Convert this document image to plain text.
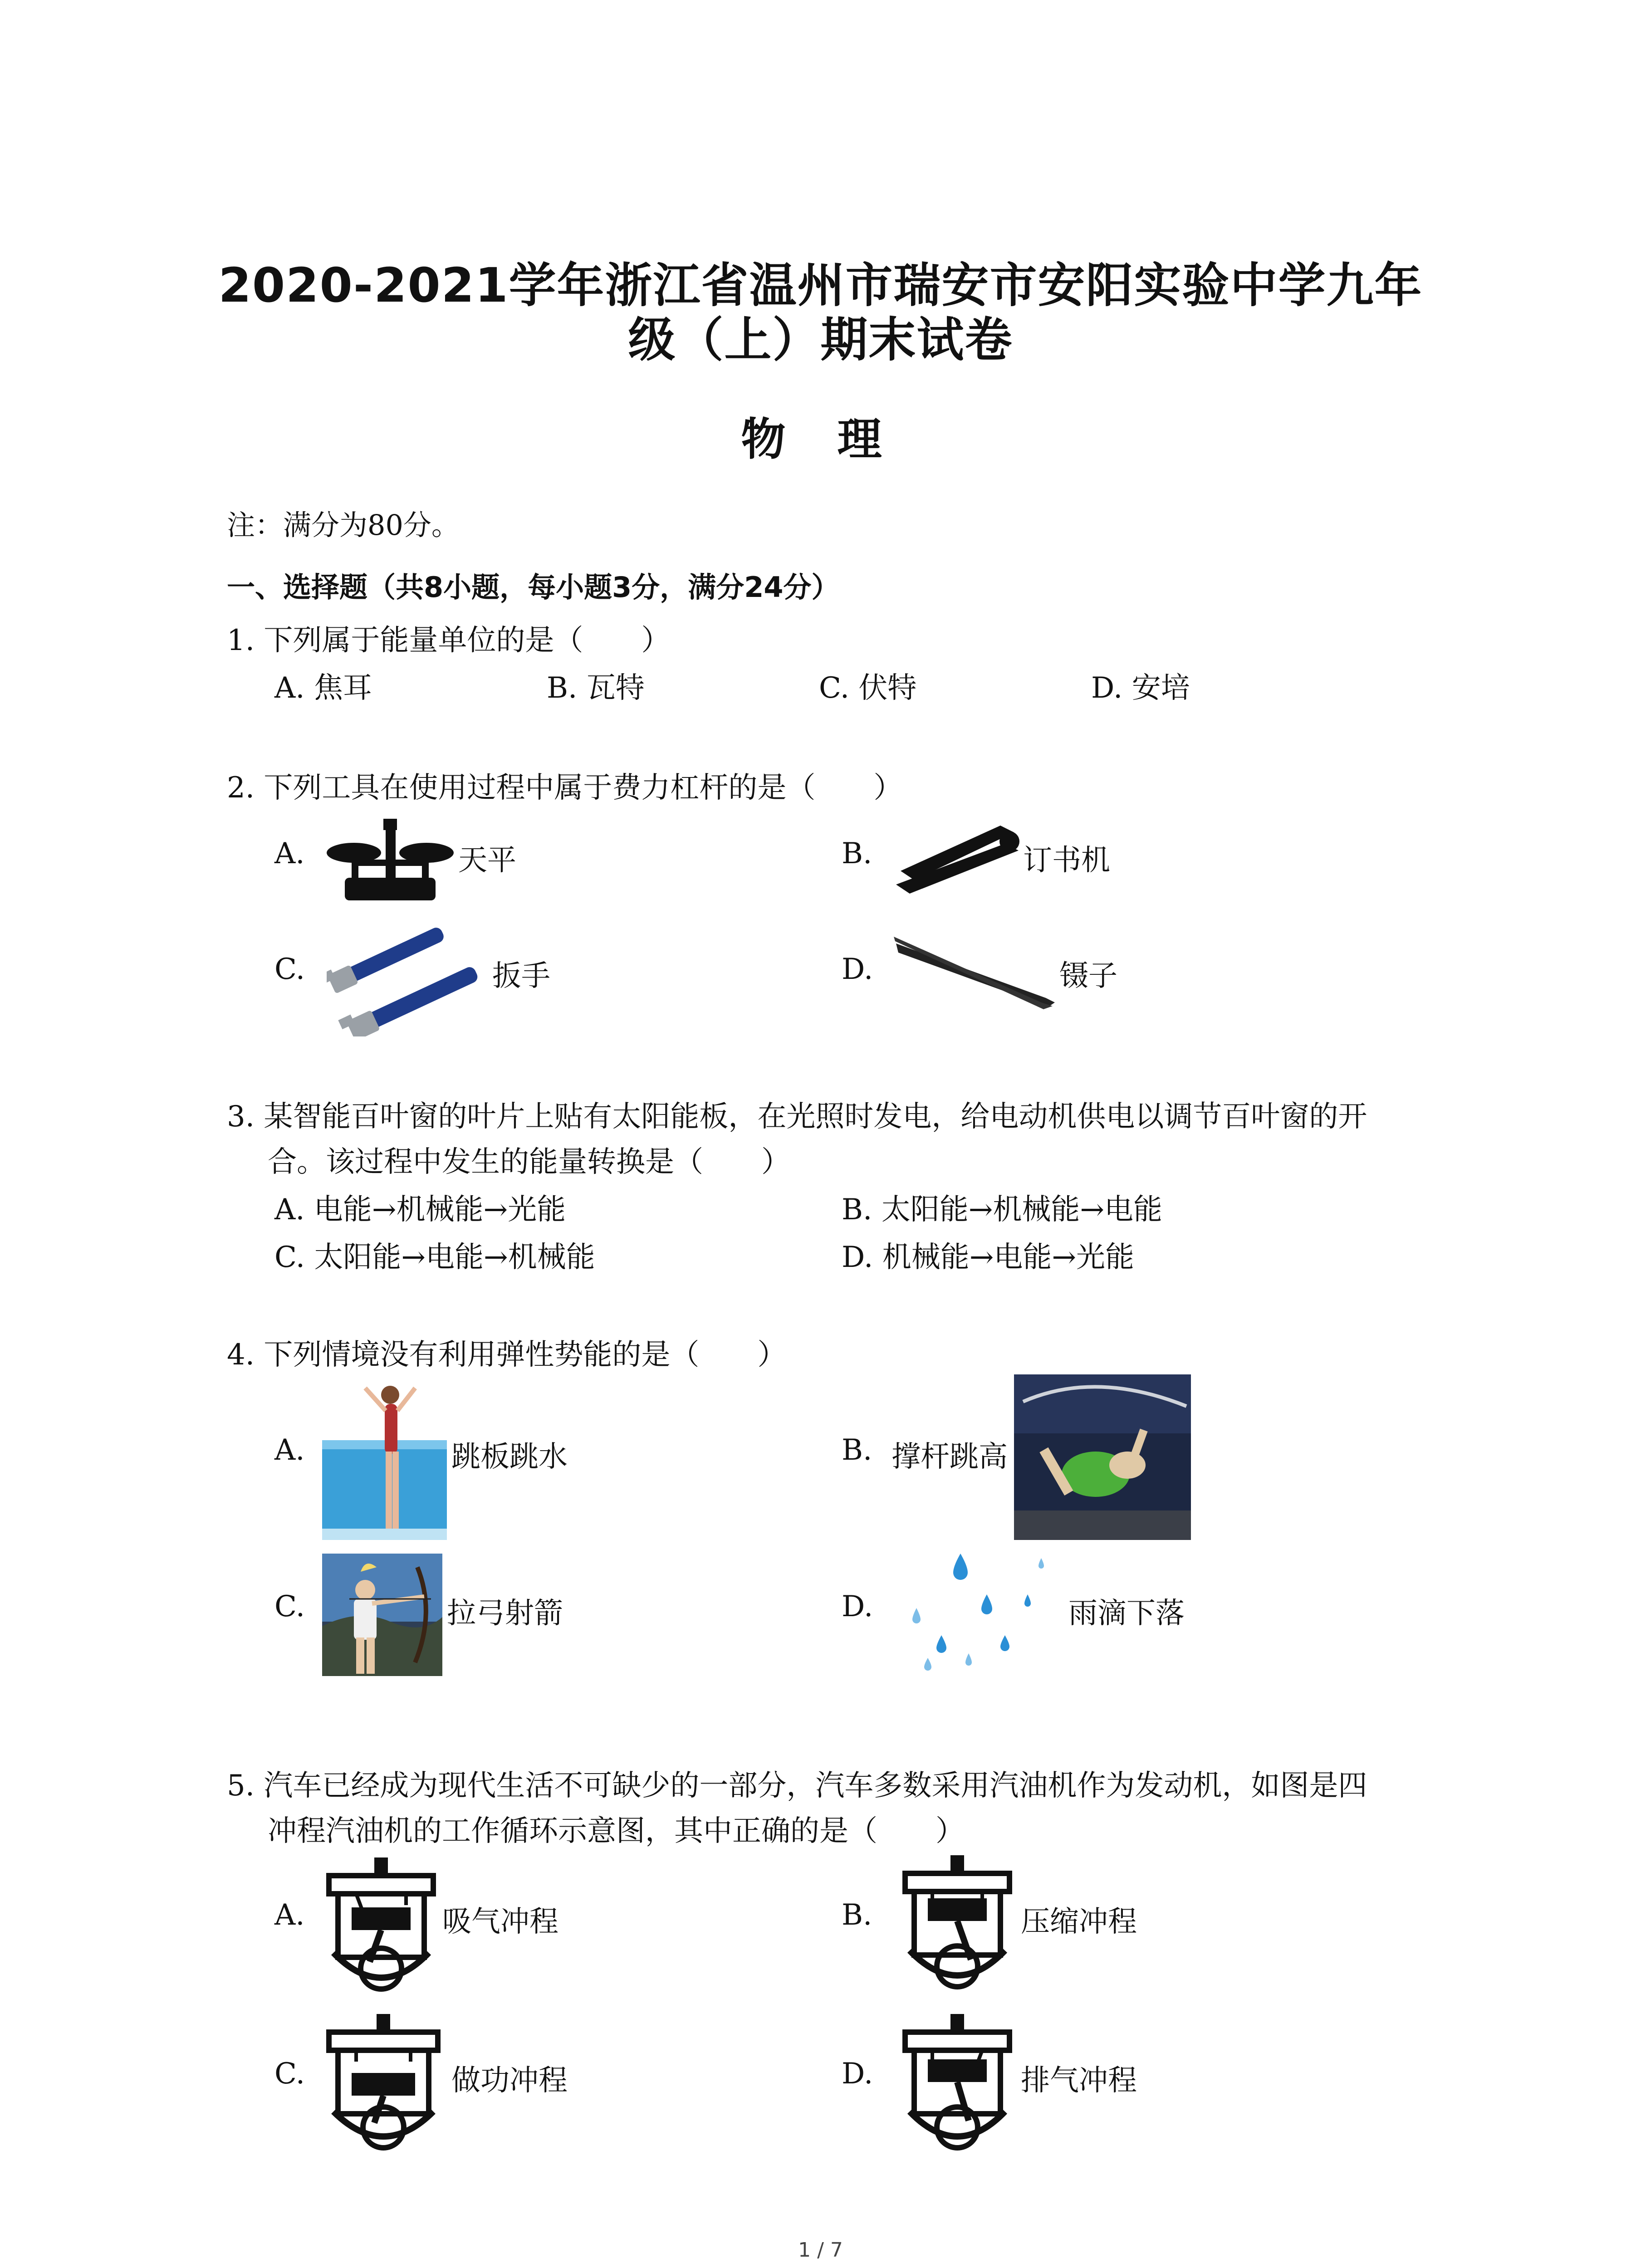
2020-2021学年浙江省温州市瑞安市安阳实验中学九年
级（上）期末试卷
物 理
注：满分为80分。
一、选择题（共8小题，每小题3分，满分24分）
1. 下列属于能量单位的是（　　）
A. 焦耳	B. 瓦特	C. 伏特	D. 安培
2. 下列工具在使用过程中属于费力杠杆的是（　　）
A.	天平	B.	订书机
C.	扳手	D.	镊子
3. 某智能百叶窗的叶片上贴有太阳能板，在光照时发电，给电动机供电以调节百叶窗的开
合。该过程中发生的能量转换是（　　）
A. 电能→机械能→光能	B. 太阳能→机械能→电能
C. 太阳能→电能→机械能	D. 机械能→电能→光能
4. 下列情境没有利用弹性势能的是（　　）
A.	跳板跳水	B. 撑杆跳高
C.	拉弓射箭	D.	雨滴下落
5. 汽车已经成为现代生活不可缺少的一部分，汽车多数采用汽油机作为发动机，如图是四
冲程汽油机的工作循环示意图，其中正确的是（　　）
A.	吸气冲程	B.	压缩冲程
C.	做功冲程	D.	排气冲程
1 / 7
